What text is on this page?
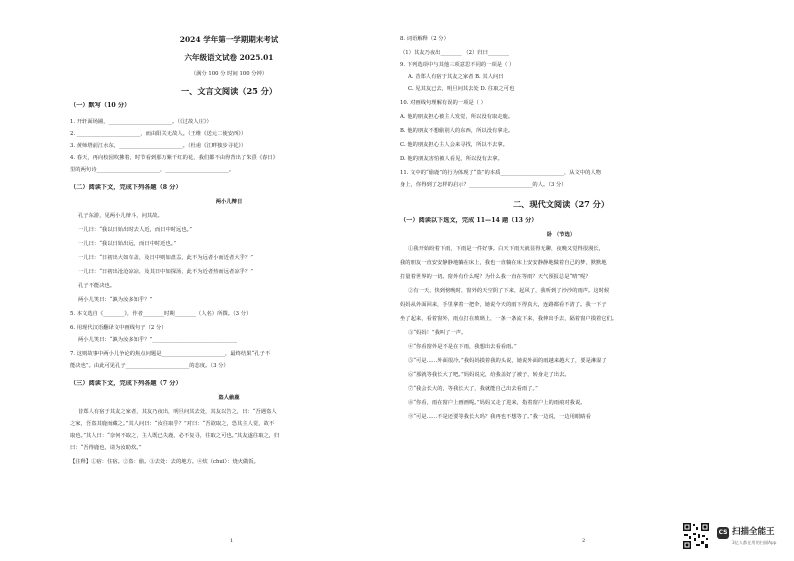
2024 学年第一学期期末考试
六年级语文试卷 2025.01
（满分 100 分 时间 100 分钟）
一、文言文阅读（25 分）
（一）默写（10 分）
1. 开轩面场圃，________________________。（《过故人庄》）
2. ________________________，而由阳关无故人。（王维《送元二使安西》）
3. 黄师塔前江水东，________________________。（杜甫《江畔独步寻花》）
4. 春天，再向校园吹拂着，时节看到那万紫千红的花，我们都不由得背出了朱熹《春日》
里的两句诗________________________，________________________。
（二）阅读下文，完成下列各题（8 分）
两小儿辩日
孔子东游，见两小儿辩斗，问其故。
一儿曰：“我以日始出时去人近，而日中时远也。”
一儿曰：“我以日始出远，而日中时近也。”
一儿曰：“日初出大如车盖，及日中则如盘盂，此不为远者小而近者大乎？”
一儿曰：“日初出沧沧凉凉，及其日中如探汤，此不为近者热而远者凉乎？”
孔子不能决也。
两小儿笑曰：“孰为汝多知乎？”
5. 本文选自《________》，作者________时期________（人名）所撰。（3 分）
6. 用现代汉语翻译文中画线句子（2 分）
两小儿笑曰：“孰为汝多知乎？”________________________________
7. 这则故事中两小儿争论的焦点问题是________________________，最终结果“孔子不
能决也”。由此可见孔子________________________的态度。（3 分）
（三）阅读下文，完成下列各题（7 分）
盗人偷鹿
昔郑人有宿于其友之家者，其友乃夜出，明旦问其去处，其友以告之，曰：“吾遇盗人
之家，吾盗其鹿而藏之。”其人问曰：“汝往取乎？”对曰：“吾欲取之，恐其主人觉，故不
取也。”其人曰：“奈何不取之，主人既已失鹿，必不复寻，往取之可也。”其友遂往取之，归
曰：“吾得鹿也，请为汝助炊。”
【注释】①宿：住宿。②盗：偷。③去处：去的地方。④炊（chuī）：烧火做饭。
8. 词语解释（2 分）
（1）其友乃夜出________ （2）归曰________
9. 下列选项中与其他三项意思不同的一项是（ ）
A. 昔郑人有宿于其友之家者 B. 其人问曰
C. 见其友已去，明旦问其去处 D. 往取之可也
10. 对画线句理解有误的一项是（ ）
A. 他的朋友担心被主人发觉，所以没有取走鹿。
B. 他的朋友不想偷别人的东西，所以没有拿走。
C. 他的朋友担心主人会来寻找，所以不去拿。
D. 他的朋友害怕被人看见，所以没有去拿。
11. 文中的“偷鹿”的行为体现了“盗”的本质________________________，从文中的人物
身上，你得到了怎样的启示？________________________的人。（3 分）
二、现代文阅读（27 分）
（一）阅读以下选文，完成 11—14 题（13 分）
卧 （节选）
①我开始盼着下雨，下雨是一件好事。白天下雨天就显得无聊，夜晚又觉得很漫长，
我的朋友一直安安静静地躺在床上，我也一直躺在床上安安静静地做着自己的梦，默默地
打量着世界的一切。窗外有什么呢？为什么我一直在等雨？天气预报总是“晴”呢？
②有一天，快到傍晚时，窗外的天空阴了下来，起风了，我听到了沙沙的雨声。这时候
妈妈从外面回来，手里拿着一把伞，她说今天的雨下得真大，连路都看不清了。我一下子
坐了起来，看着窗外，雨点打在玻璃上，一条一条流下来，我伸出手去，隔着窗户摸着它们。
③“妈妈！”我叫了一声。
④“你看窗外是不是在下雨，我想出去看看雨。”
⑤“可是……外面很冷。”我妈妈摸着我的头说，她说外面的雨越来越大了，要是淋湿了
⑥“那就等我长大了吧。”妈妈说完，给我盖好了被子，转身走了出去。
⑦“我会长大的，等我长大了，我就能自己出去看雨了。”
⑧“你看，雨在窗户上画画呢。”妈妈又走了进来，指着窗户上的雨痕对我说。
⑨“可是……不是还要等我长大吗？我再也不想等了。”我一边说，一边用眼睛看
1	2
CS 扫描全能王
3亿人都在用的扫描App
